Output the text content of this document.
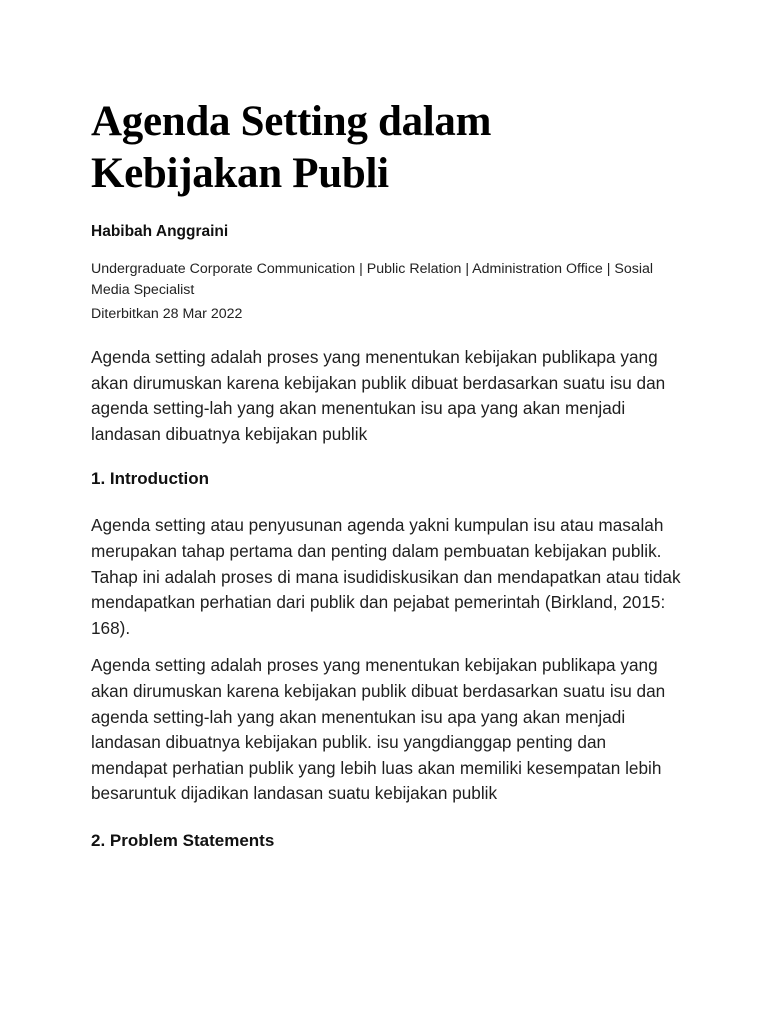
Agenda Setting dalam Kebijakan Publi

Habibah Anggraini

Undergraduate Corporate Communication | Public Relation | Administration Office | Sosial Media Specialist

Diterbitkan 28 Mar 2022

Agenda setting adalah proses yang menentukan kebijakan publikapa yang akan dirumuskan karena kebijakan publik dibuat berdasarkan suatu isu dan agenda setting-lah yang akan menentukan isu apa yang akan menjadi landasan dibuatnya kebijakan publik

1. Introduction

Agenda setting atau penyusunan agenda yakni kumpulan isu atau masalah merupakan tahap pertama dan penting dalam pembuatan kebijakan publik. Tahap ini adalah proses di mana isudidiskusikan dan mendapatkan atau tidak mendapatkan perhatian dari publik dan pejabat pemerintah (Birkland, 2015: 168).

Agenda setting adalah proses yang menentukan kebijakan publikapa yang akan dirumuskan karena kebijakan publik dibuat berdasarkan suatu isu dan agenda setting-lah yang akan menentukan isu apa yang akan menjadi landasan dibuatnya kebijakan publik. isu yangdianggap penting dan mendapat perhatian publik yang lebih luas akan memiliki kesempatan lebih besaruntuk dijadikan landasan suatu kebijakan publik

2. Problem Statements
